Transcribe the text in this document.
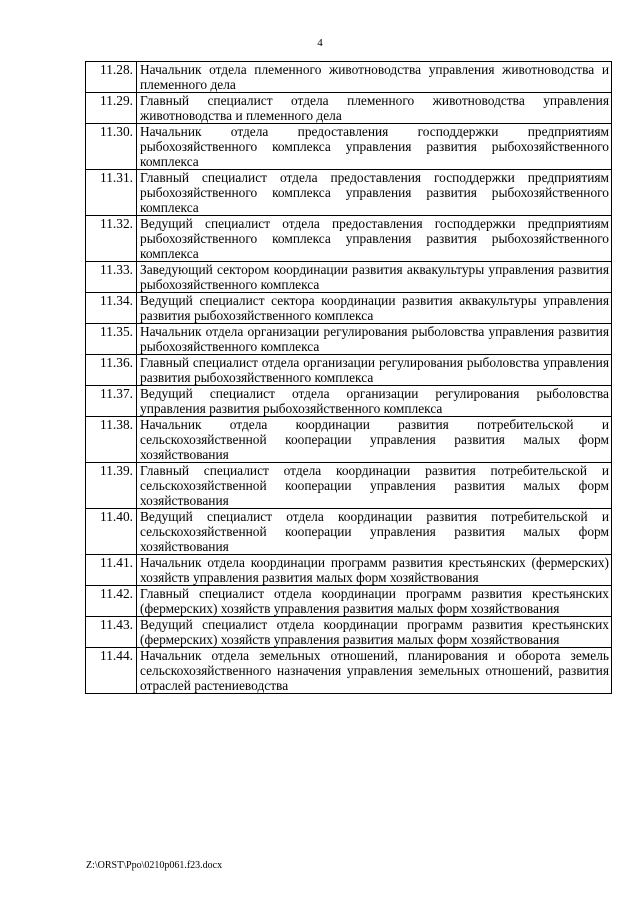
4
11.28.	Начальник отдела племенного животноводства управления животноводства и племенного дела
11.29.	Главный специалист отдела племенного животноводства управления животноводства и племенного дела
11.30.	Начальник отдела предоставления господдержки предприятиям рыбохозяйственного комплекса управления развития рыбохозяйственного комплекса
11.31.	Главный специалист отдела предоставления господдержки предприятиям рыбохозяйственного комплекса управления развития рыбохозяйственного комплекса
11.32.	Ведущий специалист отдела предоставления господдержки предприятиям рыбохозяйственного комплекса управления развития рыбохозяйственного комплекса
11.33.	Заведующий сектором координации развития аквакультуры управления развития рыбохозяйственного комплекса
11.34.	Ведущий специалист сектора координации развития аквакультуры управления развития рыбохозяйственного комплекса
11.35.	Начальник отдела организации регулирования рыболовства управления развития рыбохозяйственного комплекса
11.36.	Главный специалист отдела организации регулирования рыболовства управления развития рыбохозяйственного комплекса
11.37.	Ведущий специалист отдела организации регулирования рыболовства управления развития рыбохозяйственного комплекса
11.38.	Начальник отдела координации развития потребительской и сельскохозяйственной кооперации управления развития малых форм хозяйствования
11.39.	Главный специалист отдела координации развития потребительской и сельскохозяйственной кооперации управления развития малых форм хозяйствования
11.40.	Ведущий специалист отдела координации развития потребительской и сельскохозяйственной кооперации управления развития малых форм хозяйствования
11.41.	Начальник отдела координации программ развития крестьянских (фермерских) хозяйств управления развития малых форм хозяйствования
11.42.	Главный специалист отдела координации программ развития крестьянских (фермерских) хозяйств управления развития малых форм хозяйствования
11.43.	Ведущий специалист отдела координации программ развития крестьянских (фермерских) хозяйств управления развития малых форм хозяйствования
11.44.	Начальник отдела земельных отношений, планирования и оборота земель сельскохозяйственного назначения управления земельных отношений, развития отраслей растениеводства
Z:\ORST\Ppo\0210p061.f23.docx
